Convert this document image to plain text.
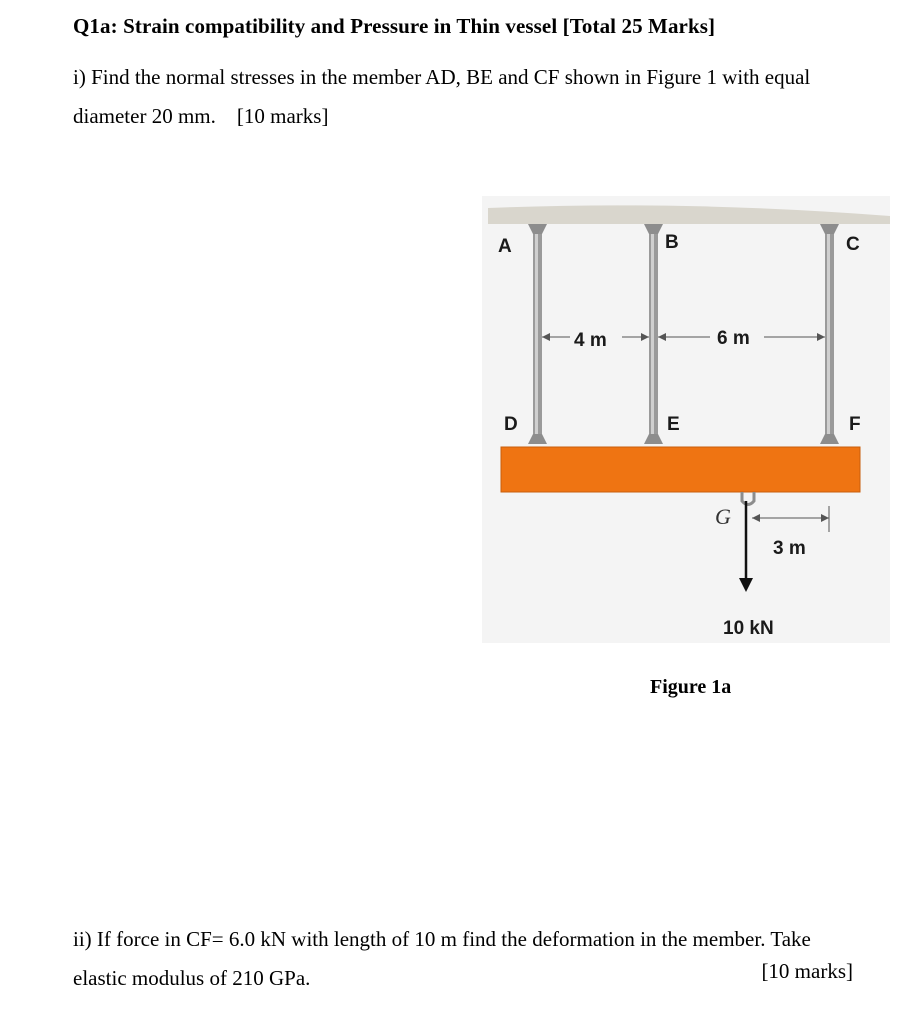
Q1a: Strain compatibility and Pressure in Thin vessel [Total 25 Marks]
i) Find the normal stresses in the member AD, BE and CF shown in Figure 1 with equal
diameter 20 mm. [10 marks]
A	B	C
D	E	F
4 m	6 m
G
10 kN
3 m
Figure 1a
ii) If force in CF= 6.0 kN with length of 10 m find the deformation in the member. Take
elastic modulus of 210 GPa.	[10 marks]
